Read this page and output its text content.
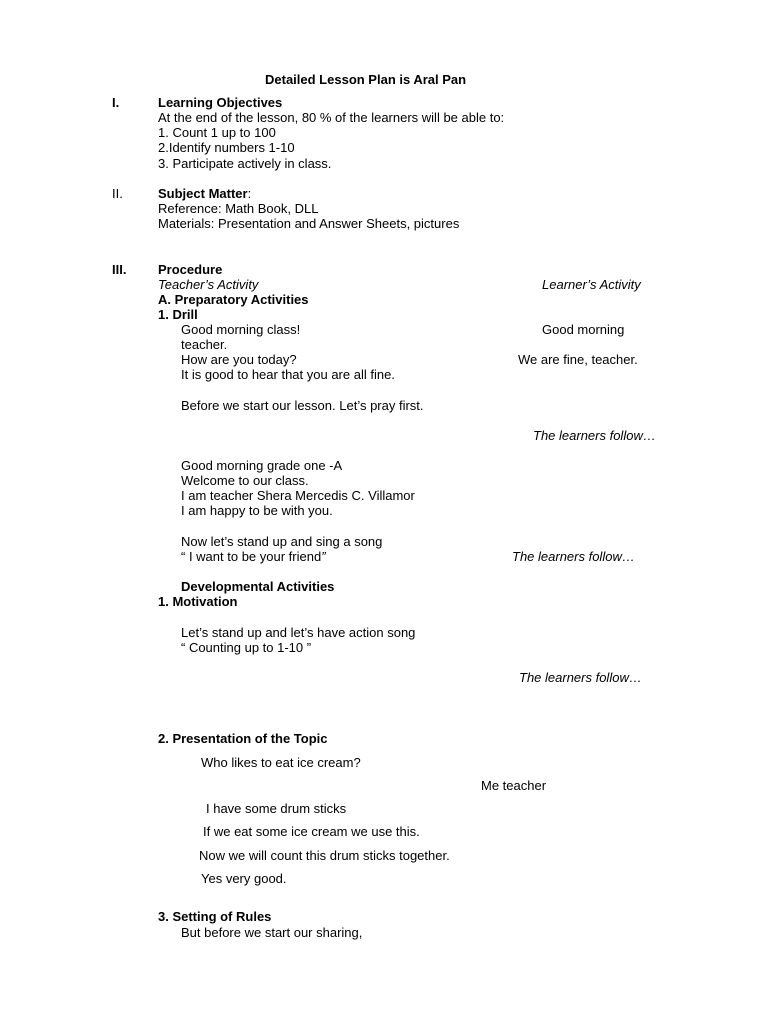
Detailed Lesson Plan is Aral Pan
I.	Learning Objectives
At the end of the lesson, 80 % of the learners will be able to:
1. Count 1 up to 100
2.Identify numbers 1-10
3. Participate actively in class.
II.	Subject Matter:
Reference: Math Book, DLL
Materials: Presentation and Answer Sheets, pictures
III. Procedure
Teacher’s Activity	Learner’s Activity
A. Preparatory Activities
1. Drill
Good morning class!	Good morning
teacher.
How are you today?	We are fine, teacher.
It is good to hear that you are all fine.
Before we start our lesson. Let’s pray first.
The learners follow…
Good morning grade one -A
Welcome to our class.
I am teacher Shera Mercedis C. Villamor
I am happy to be with you.
Now let’s stand up and sing a song
“ I want to be your friend”	The learners follow…
Developmental Activities
1. Motivation
Let’s stand up and let’s have action song
“ Counting up to 1-10 ”
The learners follow…
2. Presentation of the Topic
Who likes to eat ice cream?
Me teacher
I have some drum sticks
If we eat some ice cream we use this.
Now we will count this drum sticks together.
Yes very good.
3. Setting of Rules
But before we start our sharing,
